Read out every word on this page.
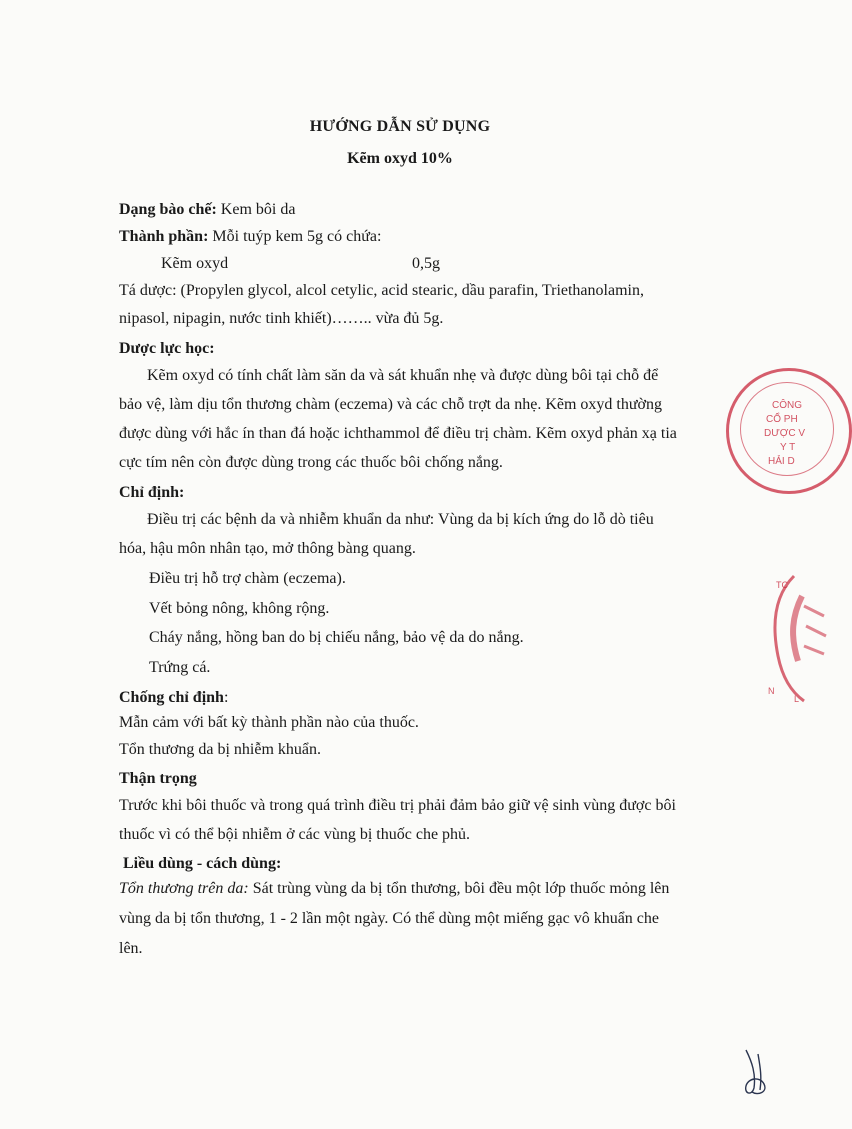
HƯỚNG DẪN SỬ DỤNG
Kẽm oxyd 10%
Dạng bào chế: Kem bôi da
Thành phần: Mỗi tuýp kem 5g có chứa:
Kẽm oxyd	0,5g
Tá dược: (Propylen glycol, alcol cetylic, acid stearic, dầu parafin, Triethanolamin,
nipasol, nipagin, nước tinh khiết)…….. vừa đủ 5g.
Dược lực học:
Kẽm oxyd có tính chất làm săn da và sát khuẩn nhẹ và được dùng bôi tại chỗ để
bảo vệ, làm dịu tổn thương chàm (eczema) và các chỗ trợt da nhẹ. Kẽm oxyd thường
được dùng với hắc ín than đá hoặc ichthammol để điều trị chàm. Kẽm oxyd phản xạ tia
cực tím nên còn được dùng trong các thuốc bôi chống nắng.
Chỉ định:
Điều trị các bệnh da và nhiễm khuẩn da như: Vùng da bị kích ứng do lỗ dò tiêu
hóa, hậu môn nhân tạo, mở thông bàng quang.
Điều trị hỗ trợ chàm (eczema).
Vết bỏng nông, không rộng.
Cháy nắng, hồng ban do bị chiếu nắng, bảo vệ da do nắng.
Trứng cá.
Chống chỉ định:
Mẫn cảm với bất kỳ thành phần nào của thuốc.
Tổn thương da bị nhiễm khuẩn.
Thận trọng
Trước khi bôi thuốc và trong quá trình điều trị phải đảm bảo giữ vệ sinh vùng được bôi
thuốc vì có thể bội nhiễm ở các vùng bị thuốc che phủ.
Liều dùng - cách dùng:
Tổn thương trên da: Sát trùng vùng da bị tổn thương, bôi đều một lớp thuốc mỏng lên
vùng da bị tổn thương, 1 - 2 lần một ngày. Có thể dùng một miếng gạc vô khuẩn che
lên.
CÔNG
CỔ PH
DƯỢC V
Y T
HẢI D
TC
N
L
